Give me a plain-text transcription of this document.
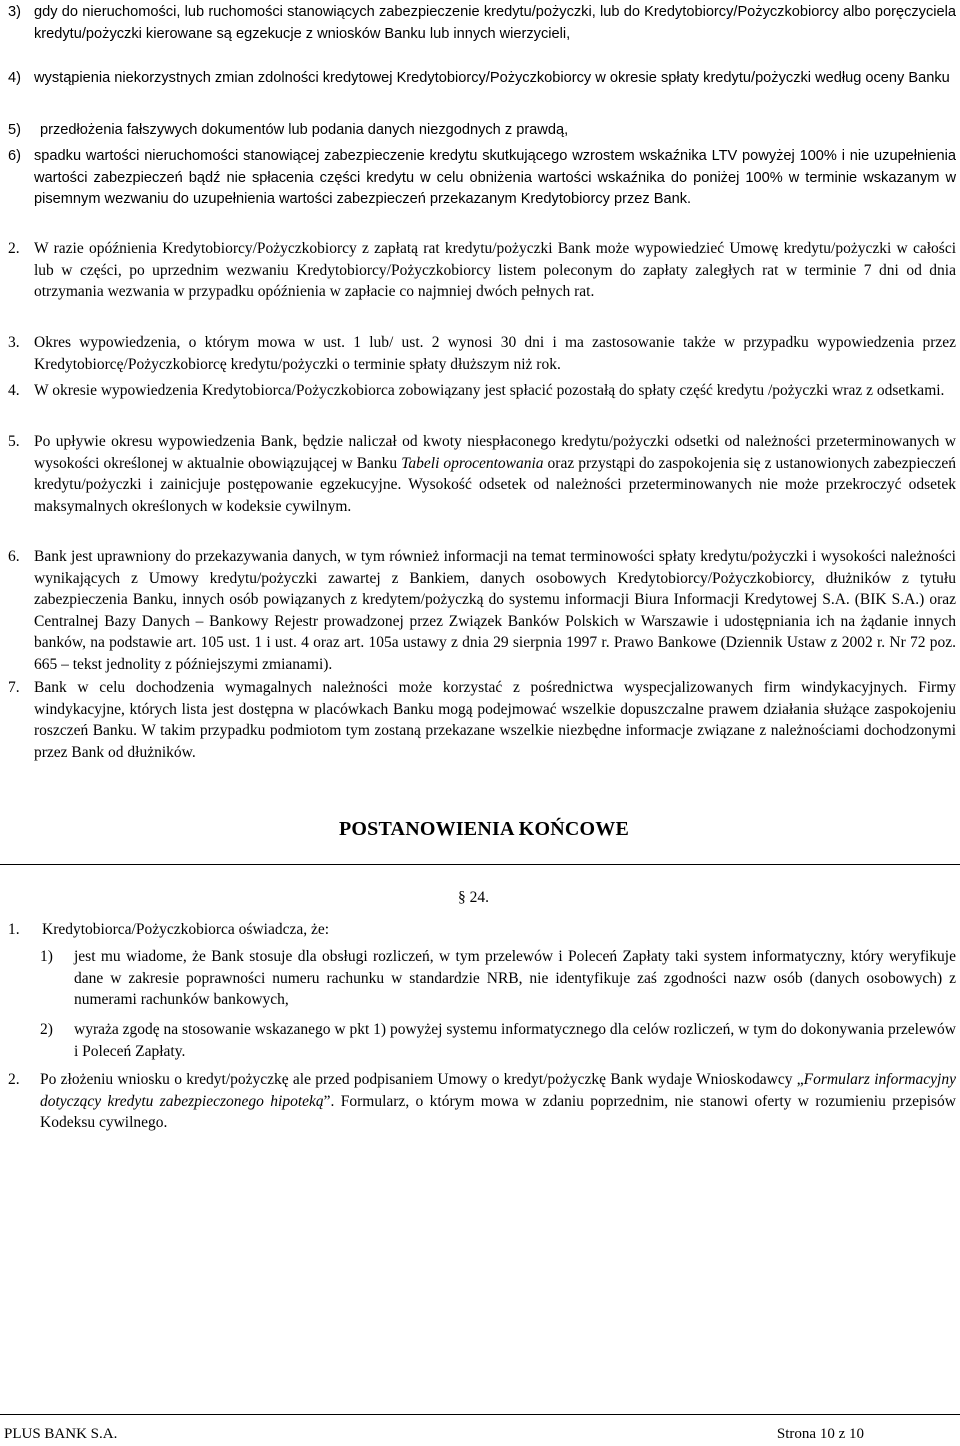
3) gdy do nieruchomości, lub ruchomości stanowiących zabezpieczenie kredytu/pożyczki, lub do Kredytobiorcy/Pożyczkobiorcy albo poręczyciela kredytu/pożyczki kierowane są egzekucje z wniosków Banku lub innych wierzycieli,

4) wystąpienia niekorzystnych zmian zdolności kredytowej Kredytobiorcy/Pożyczkobiorcy w okresie spłaty kredytu/pożyczki według oceny Banku

5) przedłożenia fałszywych dokumentów lub podania danych niezgodnych z prawdą,

6) spadku wartości nieruchomości stanowiącej zabezpieczenie kredytu skutkującego wzrostem wskaźnika LTV powyżej 100% i nie uzupełnienia wartości zabezpieczeń bądź nie spłacenia części kredytu w celu obniżenia wartości wskaźnika do poniżej 100% w terminie wskazanym w pisemnym wezwaniu do uzupełnienia wartości zabezpieczeń przekazanym Kredytobiorcy przez Bank.

2. W razie opóźnienia Kredytobiorcy/Pożyczkobiorcy z zapłatą rat kredytu/pożyczki Bank może wypowiedzieć Umowę kredytu/pożyczki w całości lub w części, po uprzednim wezwaniu Kredytobiorcy/Pożyczkobiorcy listem poleconym do zapłaty zaległych rat w terminie 7 dni od dnia otrzymania wezwania w przypadku opóźnienia w zapłacie co najmniej dwóch pełnych rat.

3. Okres wypowiedzenia, o którym mowa w ust. 1 lub/ ust. 2 wynosi 30 dni i ma zastosowanie także w przypadku wypowiedzenia przez Kredytobiorcę/Pożyczkobiorcę kredytu/pożyczki o terminie spłaty dłuższym niż rok.

4. W okresie wypowiedzenia Kredytobiorca/Pożyczkobiorca zobowiązany jest spłacić pozostałą do spłaty część kredytu /pożyczki wraz z odsetkami.

5. Po upływie okresu wypowiedzenia Bank, będzie naliczał od kwoty niespłaconego kredytu/pożyczki odsetki od należności przeterminowanych w wysokości określonej w aktualnie obowiązującej w Banku Tabeli oprocentowania oraz przystąpi do zaspokojenia się z ustanowionych zabezpieczeń kredytu/pożyczki i zainicjuje postępowanie egzekucyjne. Wysokość odsetek od należności przeterminowanych nie może przekroczyć odsetek maksymalnych określonych w kodeksie cywilnym.

6. Bank jest uprawniony do przekazywania danych, w tym również informacji na temat terminowości spłaty kredytu/pożyczki i wysokości należności wynikających z Umowy kredytu/pożyczki zawartej z Bankiem, danych osobowych Kredytobiorcy/Pożyczkobiorcy, dłużników z tytułu zabezpieczenia Banku, innych osób powiązanych z kredytem/pożyczką do systemu informacji Biura Informacji Kredytowej S.A. (BIK S.A.) oraz Centralnej Bazy Danych – Bankowy Rejestr prowadzonej przez Związek Banków Polskich w Warszawie i udostępniania ich na żądanie innych banków, na podstawie art. 105 ust. 1 i ust. 4 oraz art. 105a ustawy z dnia 29 sierpnia 1997 r. Prawo Bankowe (Dziennik Ustaw z 2002 r. Nr 72 poz. 665 – tekst jednolity z późniejszymi zmianami).

7. Bank w celu dochodzenia wymagalnych należności może korzystać z pośrednictwa wyspecjalizowanych firm windykacyjnych. Firmy windykacyjne, których lista jest dostępna w placówkach Banku mogą podejmować wszelkie dopuszczalne prawem działania służące zaspokojeniu roszczeń Banku. W takim przypadku podmiotom tym zostaną przekazane wszelkie niezbędne informacje związane z należnościami dochodzonymi przez Bank od dłużników.

POSTANOWIENIA KOŃCOWE
§ 24.
1. Kredytobiorca/Pożyczkobiorca oświadcza, że:

1) jest mu wiadome, że Bank stosuje dla obsługi rozliczeń, w tym przelewów i Poleceń Zapłaty taki system informatyczny, który weryfikuje dane w zakresie poprawności numeru rachunku w standardzie NRB, nie identyfikuje zaś zgodności nazw osób (danych osobowych) z numerami rachunków bankowych,

2) wyraża zgodę na stosowanie wskazanego w pkt 1) powyżej systemu informatycznego dla celów rozliczeń, w tym do dokonywania przelewów i Poleceń Zapłaty.

2. Po złożeniu wniosku o kredyt/pożyczkę ale przed podpisaniem Umowy o kredyt/pożyczkę Bank wydaje Wnioskodawcy „Formularz informacyjny dotyczący kredytu zabezpieczonego hipoteką”. Formularz, o którym mowa w zdaniu poprzednim, nie stanowi oferty w rozumieniu przepisów Kodeksu cywilnego.

PLUS BANK S.A.	Strona 10 z 10
